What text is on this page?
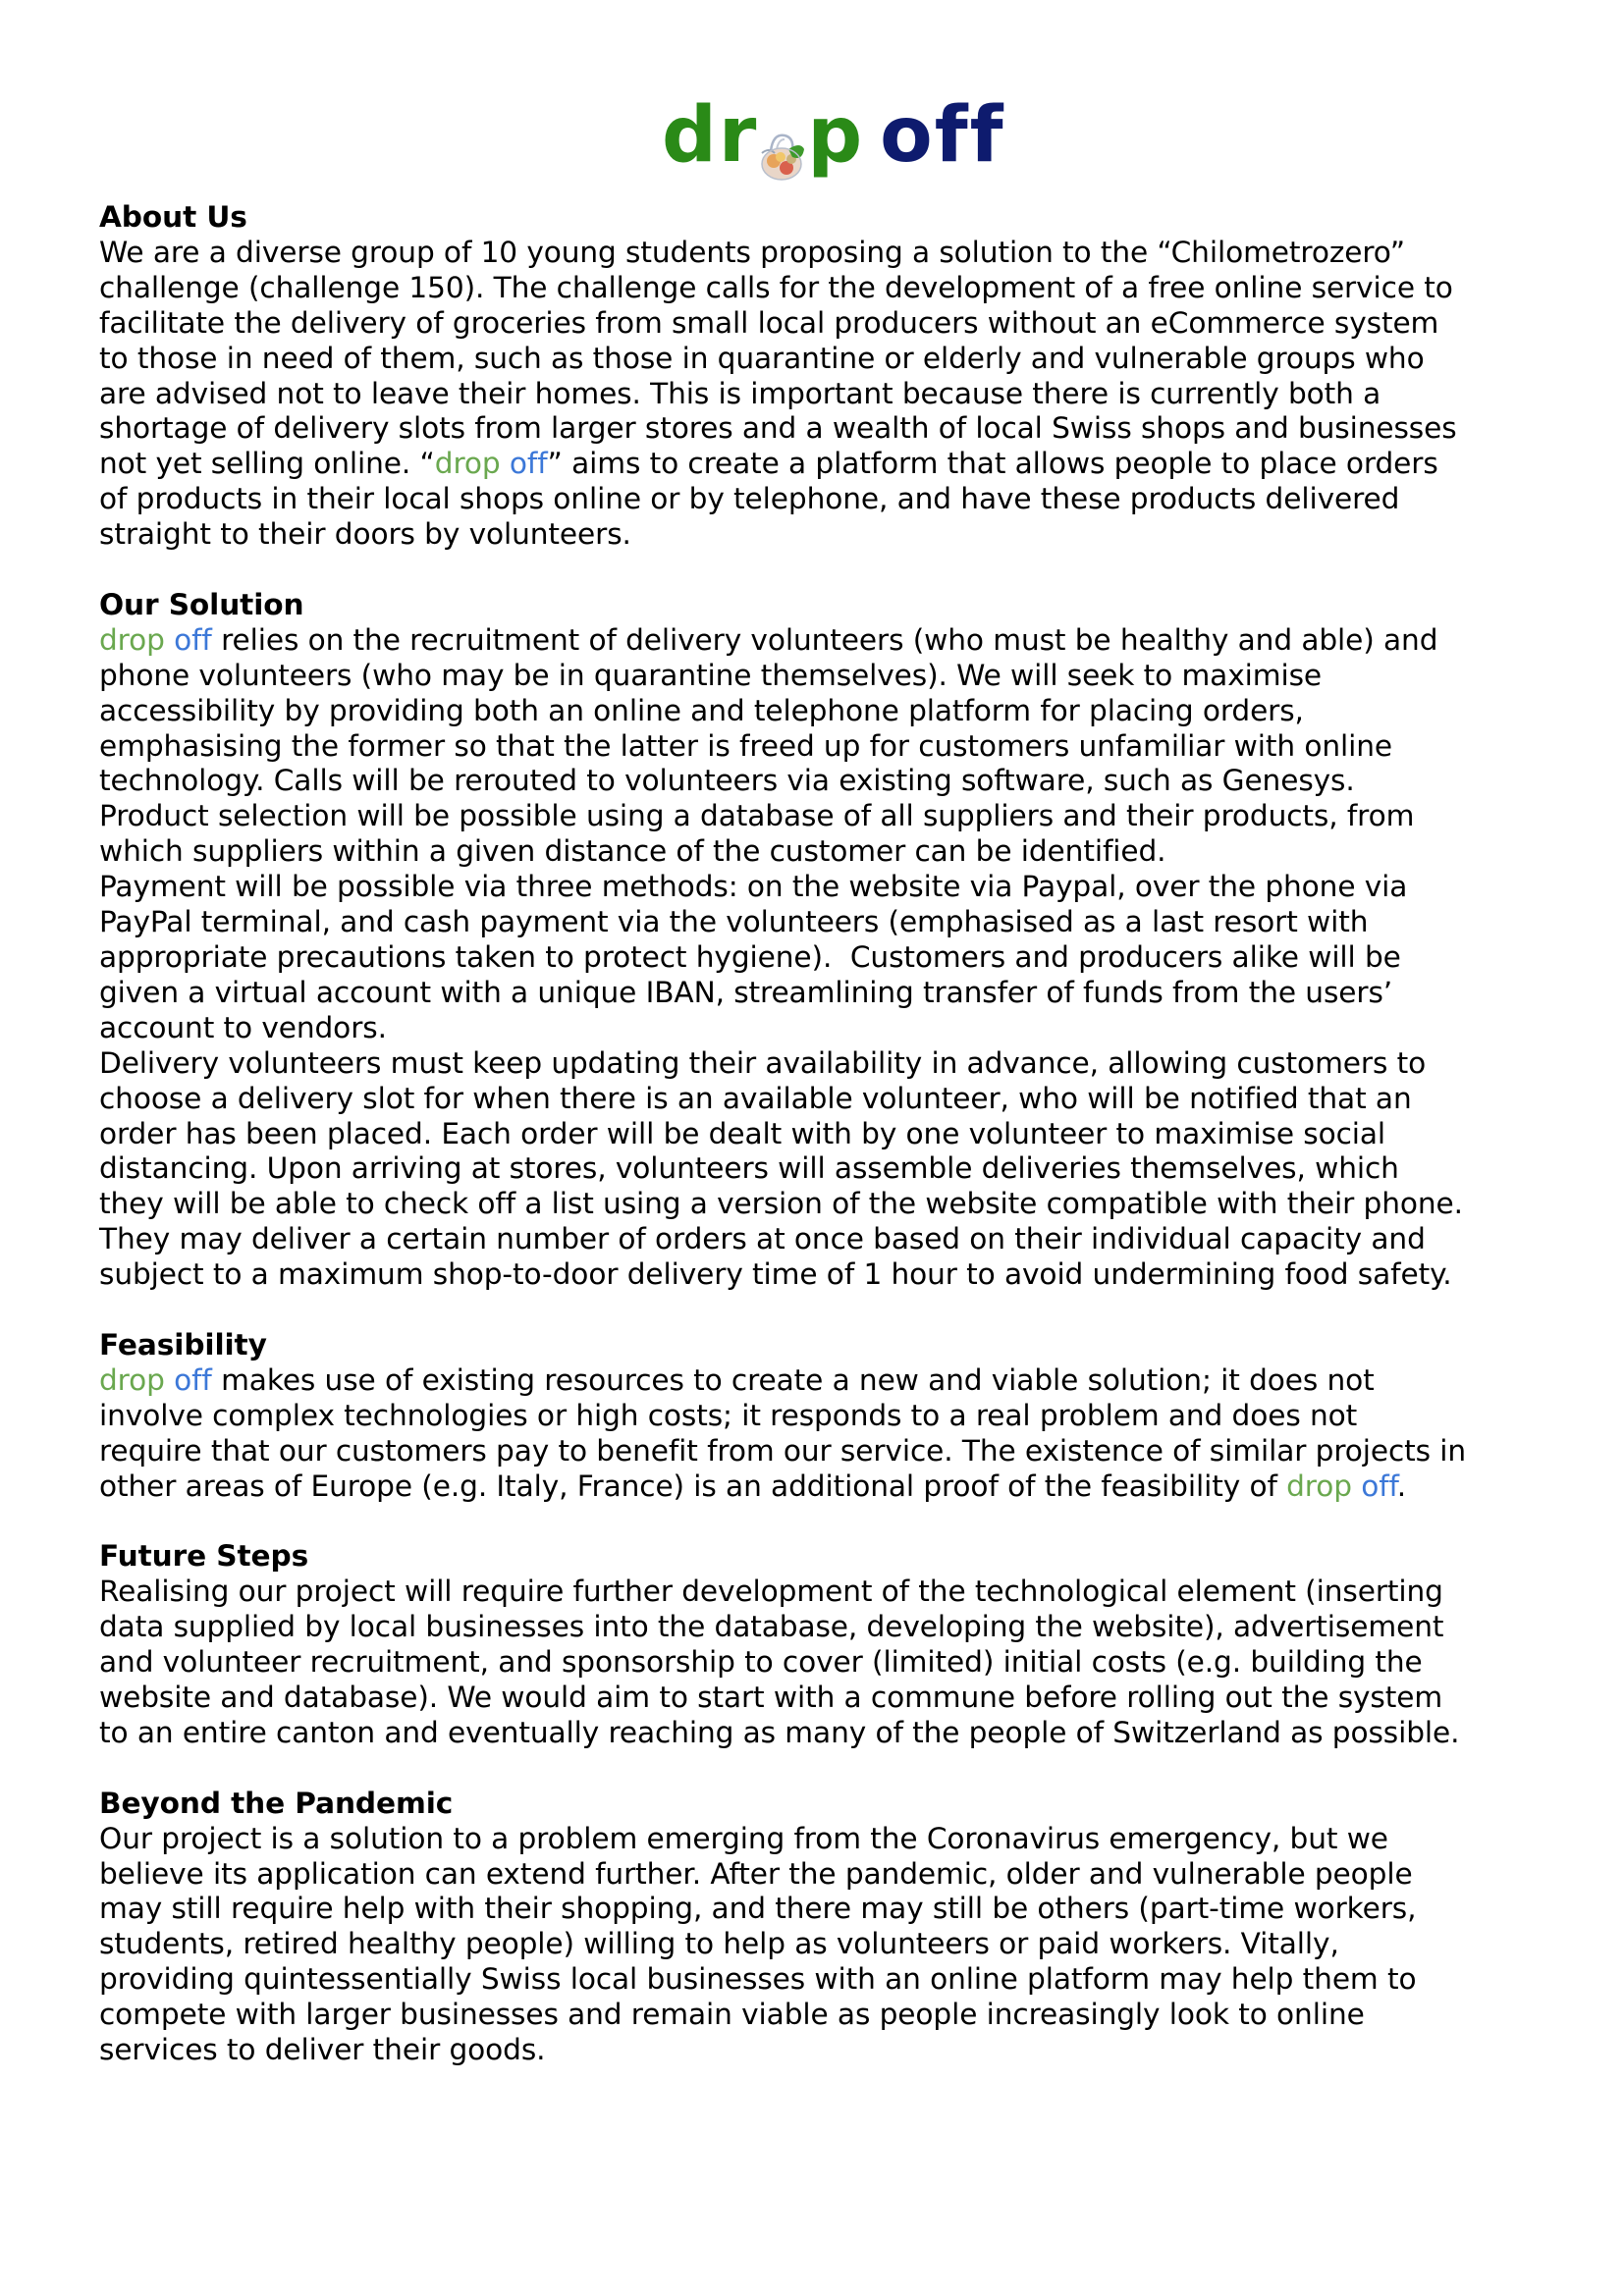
dr p off

About Us

We are a diverse group of 10 young students proposing a solution to the “Chilometrozero”

challenge (challenge 150). The challenge calls for the development of a free online service to

facilitate the delivery of groceries from small local producers without an eCommerce system

to those in need of them, such as those in quarantine or elderly and vulnerable groups who

are advised not to leave their homes. This is important because there is currently both a

shortage of delivery slots from larger stores and a wealth of local Swiss shops and businesses

not yet selling online. “drop off” aims to create a platform that allows people to place orders

of products in their local shops online or by telephone, and have these products delivered

straight to their doors by volunteers.

Our Solution

drop off relies on the recruitment of delivery volunteers (who must be healthy and able) and

phone volunteers (who may be in quarantine themselves). We will seek to maximise

accessibility by providing both an online and telephone platform for placing orders,

emphasising the former so that the latter is freed up for customers unfamiliar with online

technology. Calls will be rerouted to volunteers via existing software, such as Genesys.

Product selection will be possible using a database of all suppliers and their products, from

which suppliers within a given distance of the customer can be identified.

Payment will be possible via three methods: on the website via Paypal, over the phone via

PayPal terminal, and cash payment via the volunteers (emphasised as a last resort with

appropriate precautions taken to protect hygiene).  Customers and producers alike will be

given a virtual account with a unique IBAN, streamlining transfer of funds from the users’

account to vendors.

Delivery volunteers must keep updating their availability in advance, allowing customers to

choose a delivery slot for when there is an available volunteer, who will be notified that an

order has been placed. Each order will be dealt with by one volunteer to maximise social

distancing. Upon arriving at stores, volunteers will assemble deliveries themselves, which

they will be able to check off a list using a version of the website compatible with their phone.

They may deliver a certain number of orders at once based on their individual capacity and

subject to a maximum shop-to-door delivery time of 1 hour to avoid undermining food safety.

Feasibility

drop off makes use of existing resources to create a new and viable solution; it does not

involve complex technologies or high costs; it responds to a real problem and does not

require that our customers pay to benefit from our service. The existence of similar projects in

other areas of Europe (e.g. Italy, France) is an additional proof of the feasibility of drop off.

Future Steps

Realising our project will require further development of the technological element (inserting

data supplied by local businesses into the database, developing the website), advertisement

and volunteer recruitment, and sponsorship to cover (limited) initial costs (e.g. building the

website and database). We would aim to start with a commune before rolling out the system

to an entire canton and eventually reaching as many of the people of Switzerland as possible.

Beyond the Pandemic

Our project is a solution to a problem emerging from the Coronavirus emergency, but we

believe its application can extend further. After the pandemic, older and vulnerable people

may still require help with their shopping, and there may still be others (part-time workers,

students, retired healthy people) willing to help as volunteers or paid workers. Vitally,

providing quintessentially Swiss local businesses with an online platform may help them to

compete with larger businesses and remain viable as people increasingly look to online

services to deliver their goods.
